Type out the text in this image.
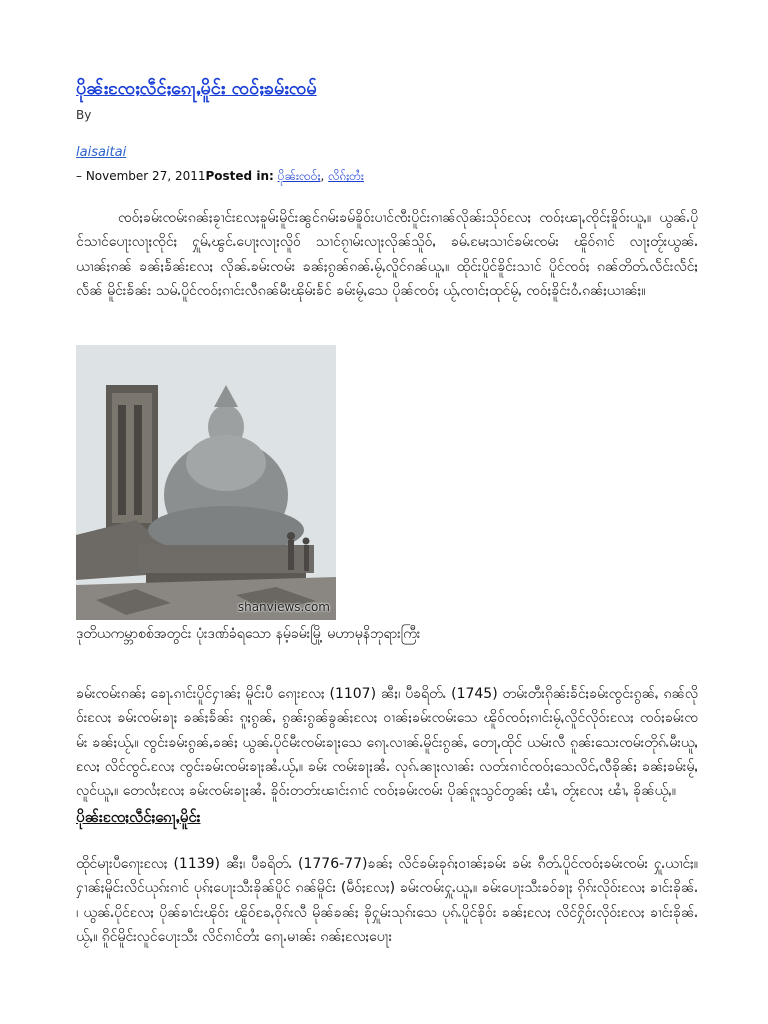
ပိုၼ်းၸႄႈလဵင်ႈၵေႃႇမိူင်း ၸဝ်ႈၶမ်းၸမ်
By
laisaitai
– November 27, 2011Posted in: ပိုၼ်းၸဝ်ႈ, လိၵ်ႈတႆး

ၸဝ်ႈၶမ်းၸမ်းၵၼ်ႈၶႂၢင်းလႄႈၶူမ်းမိူင်းၼွင်ၵမ်းၶမ်ၶိူဝ်းပၢင်ၸီးပိူင်းၵၢၼ်လိုၼ်းသိုဝ်လႄႈ ၸဝ်ႈၽႃႇၸိုင်ႈၶိူဝ်းယူႇ။ ယွၼ်ႉပိုင်သၢင်ပေႃးလႃႈၸိုင်ႈ ႁူမ်ႇၽွင်ႉပေႃႈလႃႈလိူဝ် သၢင်ၵႂၢမ်းလႃႈလိုၼ်သိူဝ်ႇ ၶမ်ႉမႄႈသၢင်ၶမ်းၸမ်း ၽိူဝ်ၵၢင် လႃႈတႂ်းယွၼ်ႉ ယၢၼ်ႈၵၼ် ၶၼ်ႈၶႅၼ်းလႄႈ လိုၼ်ႉၶမ်းၸမ်း ၶၼ်ႈၵွၼ်ၵၼ်ႉမႂ်ႇလိူင်ၵၼ်ယူႇ။ ထိုင်းပိူင်ၶိူင်းသၢင် ပိူင်ၸဝ်ႈ ၵၼ်တိတ်ႉလႅင်းလႅင်ႈလႅၼ် မိူင်းၶႅၼ်း သမ်ႉပိူင်ၸဝ်ႈၵၢင်းလီၵၼ်မီးၽိုမ်းၶႅင် ၶမ်းမႂ်ႇသေ ပိုၼ်ၸဝ်ႈ ယႂ်ႇၸၢင်ႈထုင်မႂ်ႇ ၸဝ်ႈၶိူင်းဝႆႉၵၼ်ႈယၢၼ်ႈ။

shanviews.com
ဒုတိယကမ္ဘာစစ်အတွင်း ပုံးဒဏ်ခံရသော နမ့်ခမ်းမြို့ မဟာမုနိဘုရားကြီး

ၶမ်းၸမ်းၵၼ်ႈ ၶေႃႉၵၢင်းပိူင်ႁၢၼ်ႈ မိူင်းပီ ၵေႃးလႄႈ (1107) ၼီႈ၊ ပီၶရိတ်ႉ (1745) တမ်းတီးၵိုၼ်းၶႅင်ႈၶမ်းၸွင်းၵွၼ်ႇ ၵၼ်လိုဝ်းလႄႈ ၶမ်းၸမ်းၶႃႈ ၶၼ်ႈၶႅၼ်း ၵူႈၵွၼ်ႇ ၵွၼ်းၵွၼ်ၶွၼ်ႈလႄႈ ဝၢၼ်ႈၶမ်းၸမ်းသေ ၽိူဝ်ၸဝ်ႈၵၢင်းမႂ်ႇလိူင်လိုဝ်းလႄႈ ၸဝ်ႈၶမ်းၸမ်း ၶၼ်ႈယႂ်ႇ။ ၸွင်းၶမ်းၵွၼ်ႇၶၼ်ႈ ယွၼ်ႉပိုင်မီးၸမ်းၶႃႈသေ ၵေႃႉလၢၼ်ႉမိူင်းၵွၼ်ႇ တေႃႇထိုင် ယမ်းလီ ၵူၼ်းသေးၸမ်းတိုၵ်ႉမီးယူႇလႄႈ လိင်ၸွင်ႉလႄႈ ၸွင်းၶမ်းၸမ်းၶႃႈၼႆႉယႂ်ႇ။ ၶမ်း ၸမ်းၶႃႈၼႆႉ လုၵ်ႉၼႃႈလၢၼ်း လတ်းၵၢင်ၸဝ်ႈသေလိင်ႇလီၶိုၼ်ႈ ၶၼ်ႈၶမ်းမႂ်ႇလူင်ယူႇ။ တေလႆႈလႄႈ ၶမ်းၸမ်းၶႃႈၼႆႉ ၶိူဝ်းတတ်းၽၢင်းၵၢင် ၸဝ်ႈၶမ်းၸမ်း ပိုၼ်ၵူႈသွင်တွၼ်ႈ ၽၢႆႇ တႂ်ႈလႄႈ ၽၢႆႇ ၶိုၼ်ယႂ်ႇ။

ပိုၼ်းၸႄႈလဵင်ႈၵေႃႇမိူင်း

ထိုင်မႃးပီၵေႃးလႄႈ (1139) ၼီႈ၊ ပီၶရိတ်ႉ (1776-77)ၶၼ်ႈ လိင်ၶမ်းၶုၵ်ႈဝၢၼ်ႈၶမ်း ၶမ်း ၵီတ်ႉပိူင်ၸဝ်ႈၶမ်းၸမ်း ႁူႉယၢင်ႈ။ ႁၢၼ်ႈမိူင်းလိင်ယုၵ်းၵၢင် ပုၵ်ႈပေႃးသီးၶိုၼ်ပိူင် ၵၼ်မိူင်း (မဵဝ်ႈလႄႈ) ၶမ်းၸမ်းႁူႉယူႇ။ ၶမ်းပေႃးသီးၶဝ်ၶႃႈ ၵိုၵ်းလိုဝ်းလႄႈ ၶၢင်းၶိုၼ်ႉ ၊ ယွၼ်ႉပိုင်လႄႈ ပိုၼ်ၶၢင်းၽိုဝ်း ၽိူဝ်ၶႄႇဝိုၵ်းလီ မိုၼ်ၶၼ်ႈ ၶိုႁူမ်းသုၵ်းသေ ပုၵ်ႉပိူင်ၶိုဝ်း ၶၼ်ႈလႄႈ လိင်ႁိုဝ်းလိုဝ်းလႄႈ ၶၢင်းၶိုၼ်ႉယႂ်ႇ။ ၵိူင်မိူင်းလူင်ပေႃးသီး လိင်ၵၢင်တႆး ၵေႃႉမၢၼ်း ၵၼ်ႈလႄႈပေႃး
